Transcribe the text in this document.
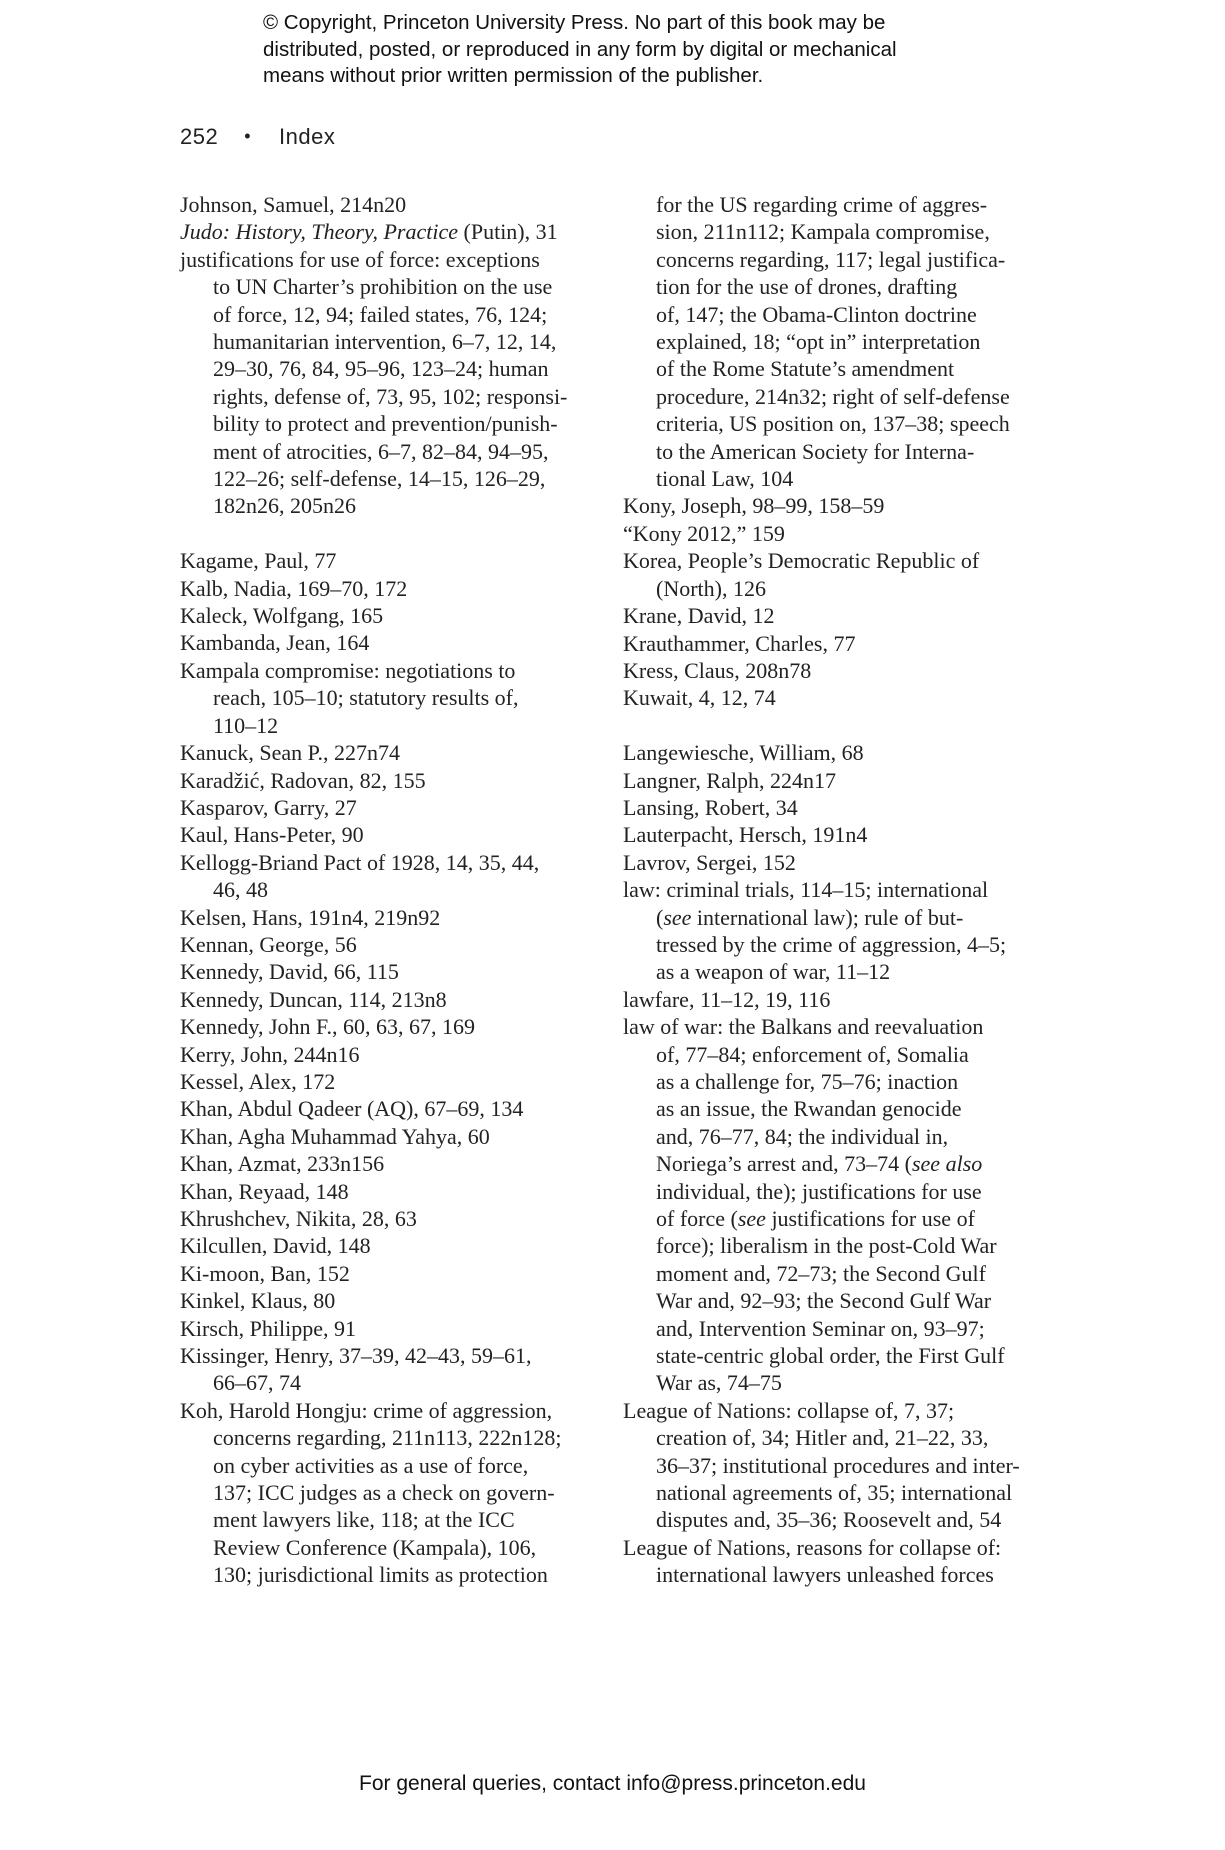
© Copyright, Princeton University Press. No part of this book may be
distributed, posted, or reproduced in any form by digital or mechanical
means without prior written permission of the publisher.
252 • Index
Johnson, Samuel, 214n20
Judo: History, Theory, Practice (Putin), 31
justifications for use of force: exceptions
to UN Charter’s prohibition on the use
of force, 12, 94; failed states, 76, 124;
humanitarian intervention, 6–7, 12, 14,
29–30, 76, 84, 95–96, 123–24; human
rights, defense of, 73, 95, 102; responsi-
bility to protect and prevention/punish-
ment of atrocities, 6–7, 82–84, 94–95,
122–26; self-defense, 14–15, 126–29,
182n26, 205n26
Kagame, Paul, 77
Kalb, Nadia, 169–70, 172
Kaleck, Wolfgang, 165
Kambanda, Jean, 164
Kampala compromise: negotiations to
reach, 105–10; statutory results of,
110–12
Kanuck, Sean P., 227n74
Karadžić, Radovan, 82, 155
Kasparov, Garry, 27
Kaul, Hans-Peter, 90
Kellogg-Briand Pact of 1928, 14, 35, 44,
46, 48
Kelsen, Hans, 191n4, 219n92
Kennan, George, 56
Kennedy, David, 66, 115
Kennedy, Duncan, 114, 213n8
Kennedy, John F., 60, 63, 67, 169
Kerry, John, 244n16
Kessel, Alex, 172
Khan, Abdul Qadeer (AQ), 67–69, 134
Khan, Agha Muhammad Yahya, 60
Khan, Azmat, 233n156
Khan, Reyaad, 148
Khrushchev, Nikita, 28, 63
Kilcullen, David, 148
Ki-moon, Ban, 152
Kinkel, Klaus, 80
Kirsch, Philippe, 91
Kissinger, Henry, 37–39, 42–43, 59–61,
66–67, 74
Koh, Harold Hongju: crime of aggression,
concerns regarding, 211n113, 222n128;
on cyber activities as a use of force,
137; ICC judges as a check on govern-
ment lawyers like, 118; at the ICC
Review Conference (Kampala), 106,
130; jurisdictional limits as protection
for the US regarding crime of aggres-
sion, 211n112; Kampala compromise,
concerns regarding, 117; legal justifica-
tion for the use of drones, drafting
of, 147; the Obama-Clinton doctrine
explained, 18; “opt in” interpretation
of the Rome Statute’s amendment
procedure, 214n32; right of self-defense
criteria, US position on, 137–38; speech
to the American Society for Interna-
tional Law, 104
Kony, Joseph, 98–99, 158–59
“Kony 2012,” 159
Korea, People’s Democratic Republic of
(North), 126
Krane, David, 12
Krauthammer, Charles, 77
Kress, Claus, 208n78
Kuwait, 4, 12, 74
Langewiesche, William, 68
Langner, Ralph, 224n17
Lansing, Robert, 34
Lauterpacht, Hersch, 191n4
Lavrov, Sergei, 152
law: criminal trials, 114–15; international
(see international law); rule of but-
tressed by the crime of aggression, 4–5;
as a weapon of war, 11–12
lawfare, 11–12, 19, 116
law of war: the Balkans and reevaluation
of, 77–84; enforcement of, Somalia
as a challenge for, 75–76; inaction
as an issue, the Rwandan genocide
and, 76–77, 84; the individual in,
Noriega’s arrest and, 73–74 (see also
individual, the); justifications for use
of force (see justifications for use of
force); liberalism in the post-Cold War
moment and, 72–73; the Second Gulf
War and, 92–93; the Second Gulf War
and, Intervention Seminar on, 93–97;
state-centric global order, the First Gulf
War as, 74–75
League of Nations: collapse of, 7, 37;
creation of, 34; Hitler and, 21–22, 33,
36–37; institutional procedures and inter-
national agreements of, 35; international
disputes and, 35–36; Roosevelt and, 54
League of Nations, reasons for collapse of:
international lawyers unleashed forces
For general queries, contact info@press.princeton.edu
